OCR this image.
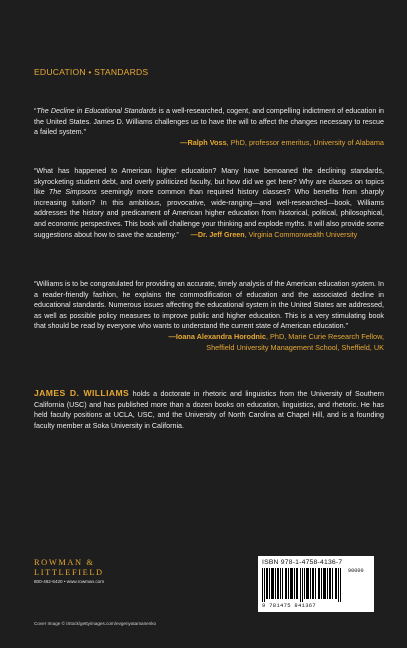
EDUCATION • STANDARDS
“The Decline in Educational Standards is a well-researched, cogent, and compelling indictment of education in the United States. James D. Williams challenges us to have the will to affect the changes necessary to rescue a failed system.”
—Ralph Voss, PhD, professor emeritus, University of Alabama
“What has happened to American higher education? Many have bemoaned the declining standards, skyrocketing student debt, and overly politicized faculty, but how did we get here? Why are classes on topics like The Simpsons seemingly more common than required history classes? Who benefits from sharply increasing tuition? In this ambitious, provocative, wide-ranging—and well-researched—book, Williams addresses the history and predicament of American higher education from historical, political, philosophical, and economic perspectives. This book will challenge your thinking and explode myths. It will also provide some suggestions about how to save the academy.” —Dr. Jeff Green, Virginia Commonwealth University
“Williams is to be congratulated for providing an accurate, timely analysis of the American education system. In a reader-friendly fashion, he explains the commodification of education and the associated decline in educational standards. Numerous issues affecting the educational system in the United States are addressed, as well as possible policy measures to improve public and higher education. This is a very stimulating book that should be read by everyone who wants to understand the current state of American education.”
—Ioana Alexandra Horodnic, PhD, Marie Curie Research Fellow,
Sheffield University Management School, Sheffield, UK
JAMES D. WILLIAMS holds a doctorate in rhetoric and linguistics from the University of Southern California (USC) and has published more than a dozen books on education, linguistics, and rhetoric. He has held faculty positions at UCLA, USC, and the University of North Carolina at Chapel Hill, and is a founding faculty member at Soka University in California.
ROWMAN &
LITTLEFIELD
800-462-6420 • www.rowman.com
ISBN 978-1-4758-4136-7
90000
9 781475 841367
Cover Image © iStock/gettyimages.com/evgenyatamanenko
